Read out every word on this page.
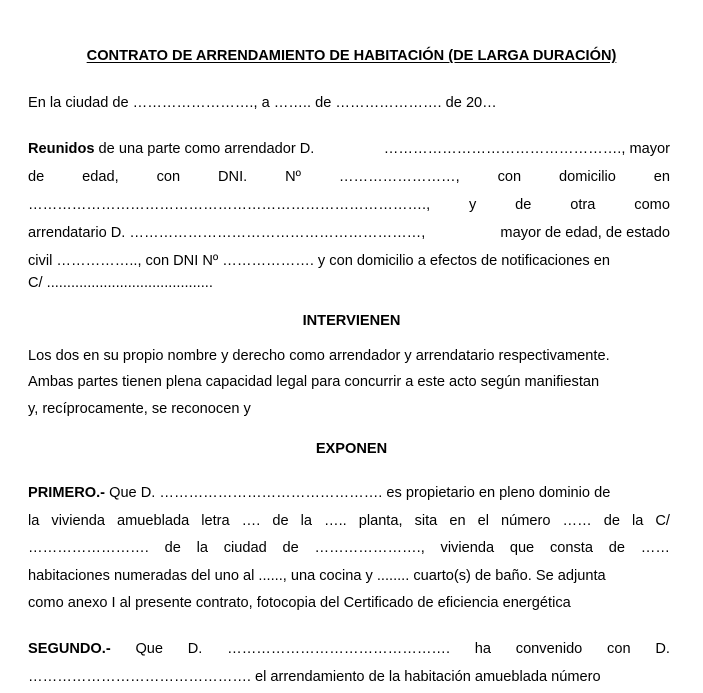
CONTRATO DE ARRENDAMIENTO DE HABITACIÓN (DE LARGA DURACIÓN)
En la ciudad de ……………………., a …….. de …………………. de 20…
Reunidos de una parte como arrendador D.	…………………………………………., mayor
de	edad,	con	DNI.	Nº	……………………,	con	domicilio	en
……………………………………………………………………….,	y	de	otra	como
arrendatario D. ……………………………………………………,	mayor de edad, de estado
civil …………….., con DNI Nº ………………. y con domicilio a efectos de notificaciones en
C/ .........................................
INTERVIENEN
Los dos en su propio nombre y derecho como arrendador y arrendatario respectivamente.
Ambas partes tienen plena capacidad legal para concurrir a este acto según manifiestan
y, recíprocamente, se reconocen y
EXPONEN
PRIMERO.- Que D. ………………………………………. es propietario en pleno dominio de
la vivienda amueblada letra …. de la ….. planta, sita en el número …… de la C/
……………………. de la ciudad de …………………., vivienda que consta de ……
habitaciones numeradas del uno al ......, una cocina y ........ cuarto(s) de baño. Se adjunta
como anexo I al presente contrato, fotocopia del Certificado de eficiencia energética
SEGUNDO.- Que D. ………………………………………. ha convenido con D.
………………………………………. el arrendamiento de la habitación amueblada número
